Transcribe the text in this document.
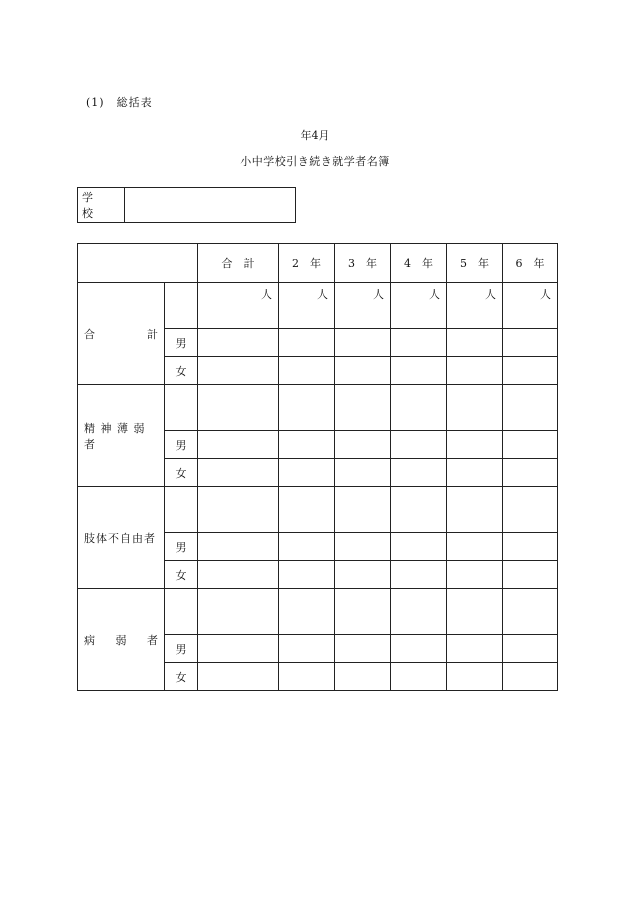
(1)　総括表
年4月
小中学校引き続き就学者名簿
学　校
		合　計	2　年	3　年	4　年	5　年	6　年

合 計		人	人	人	人	人	人
	男						
	女						

精 神 薄 弱 者							

	男						
	女						

肢体不自由者							

	男						
	女						

病 弱 者							

	男						
	女						
